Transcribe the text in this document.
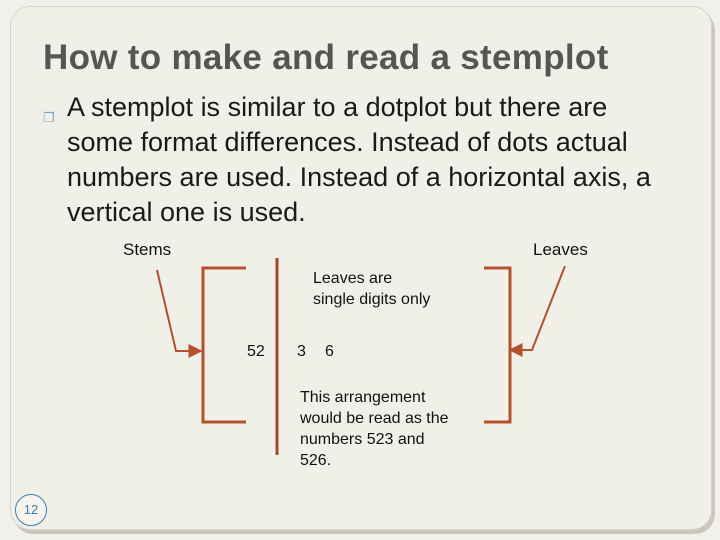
How to make and read a stemplot
❐ A stemplot is similar to a dotplot but there are
some format differences. Instead of dots actual
numbers are used. Instead of a horizontal axis, a
vertical one is used.
Stems	Leaves
Leaves are
single digits only
52 3 6
This arrangement
would be read as the
numbers 523 and
526.
12
